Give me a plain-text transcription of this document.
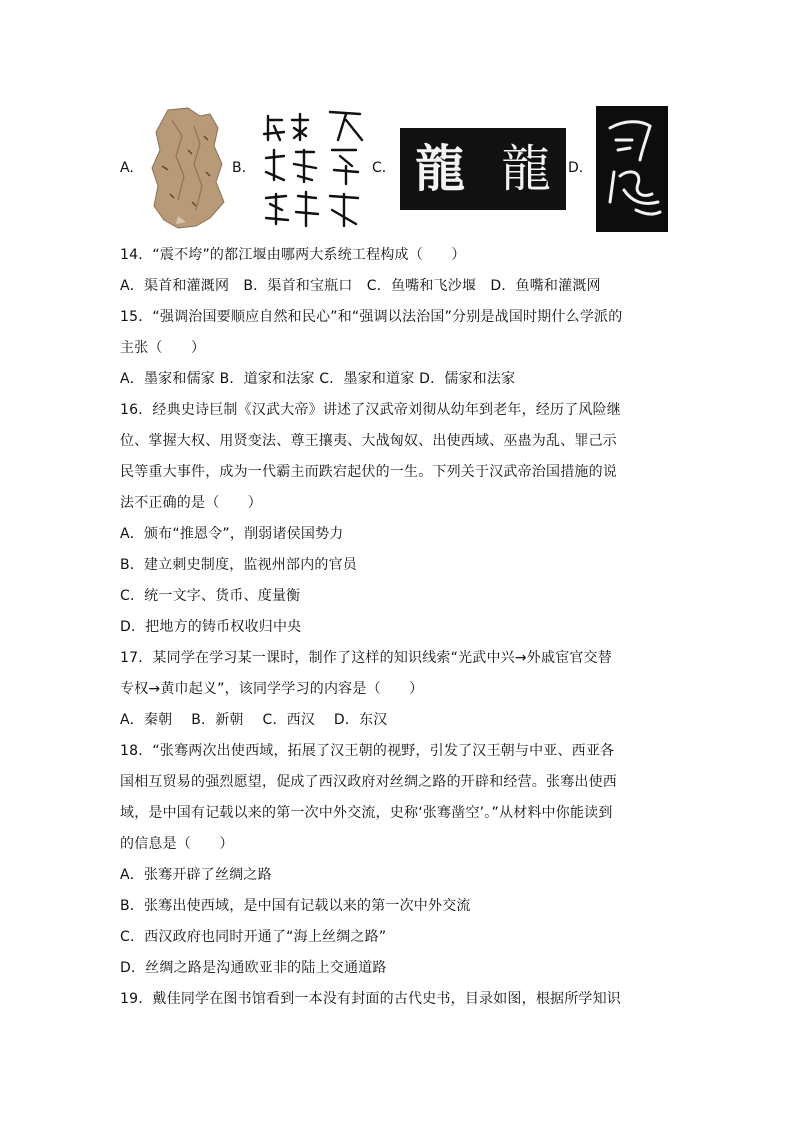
A.	B.	C. 龍 龍 D.
14．“震不垮”的都江堰由哪两大系统工程构成（　　）
A．渠首和灌溉网　B．渠首和宝瓶口　C．鱼嘴和飞沙堰　D．鱼嘴和灌溉网
15．“强调治国要顺应自然和民心”和“强调以法治国”分别是战国时期什么学派的
主张（　　）
A．墨家和儒家 B．道家和法家 C．墨家和道家 D．儒家和法家
16．经典史诗巨制《汉武大帝》讲述了汉武帝刘彻从幼年到老年，经历了风险继
位、掌握大权、用贤变法、尊王攘夷、大战匈奴、出使西域、巫蛊为乱、罪己示
民等重大事件，成为一代霸主而跌宕起伏的一生。下列关于汉武帝治国措施的说
法不正确的是（　　）
A．颁布“推恩令”，削弱诸侯国势力
B．建立刺史制度，监视州部内的官员
C．统一文字、货币、度量衡
D．把地方的铸币权收归中央
17．某同学在学习某一课时，制作了这样的知识线索“光武中兴→外戚宦官交替
专权→黄巾起义”，该同学学习的内容是（　　）
A．秦朝　 B．新朝　 C．西汉　 D．东汉
18．“张骞两次出使西域，拓展了汉王朝的视野，引发了汉王朝与中亚、西亚各
国相互贸易的强烈愿望，促成了西汉政府对丝绸之路的开辟和经营。张骞出使西
域，是中国有记载以来的第一次中外交流，史称‘张骞凿空’。”从材料中你能读到
的信息是（　　）
A．张骞开辟了丝绸之路
B．张骞出使西域，是中国有记载以来的第一次中外交流
C．西汉政府也同时开通了“海上丝绸之路”
D．丝绸之路是沟通欧亚非的陆上交通道路
19．戴佳同学在图书馆看到一本没有封面的古代史书，目录如图，根据所学知识
